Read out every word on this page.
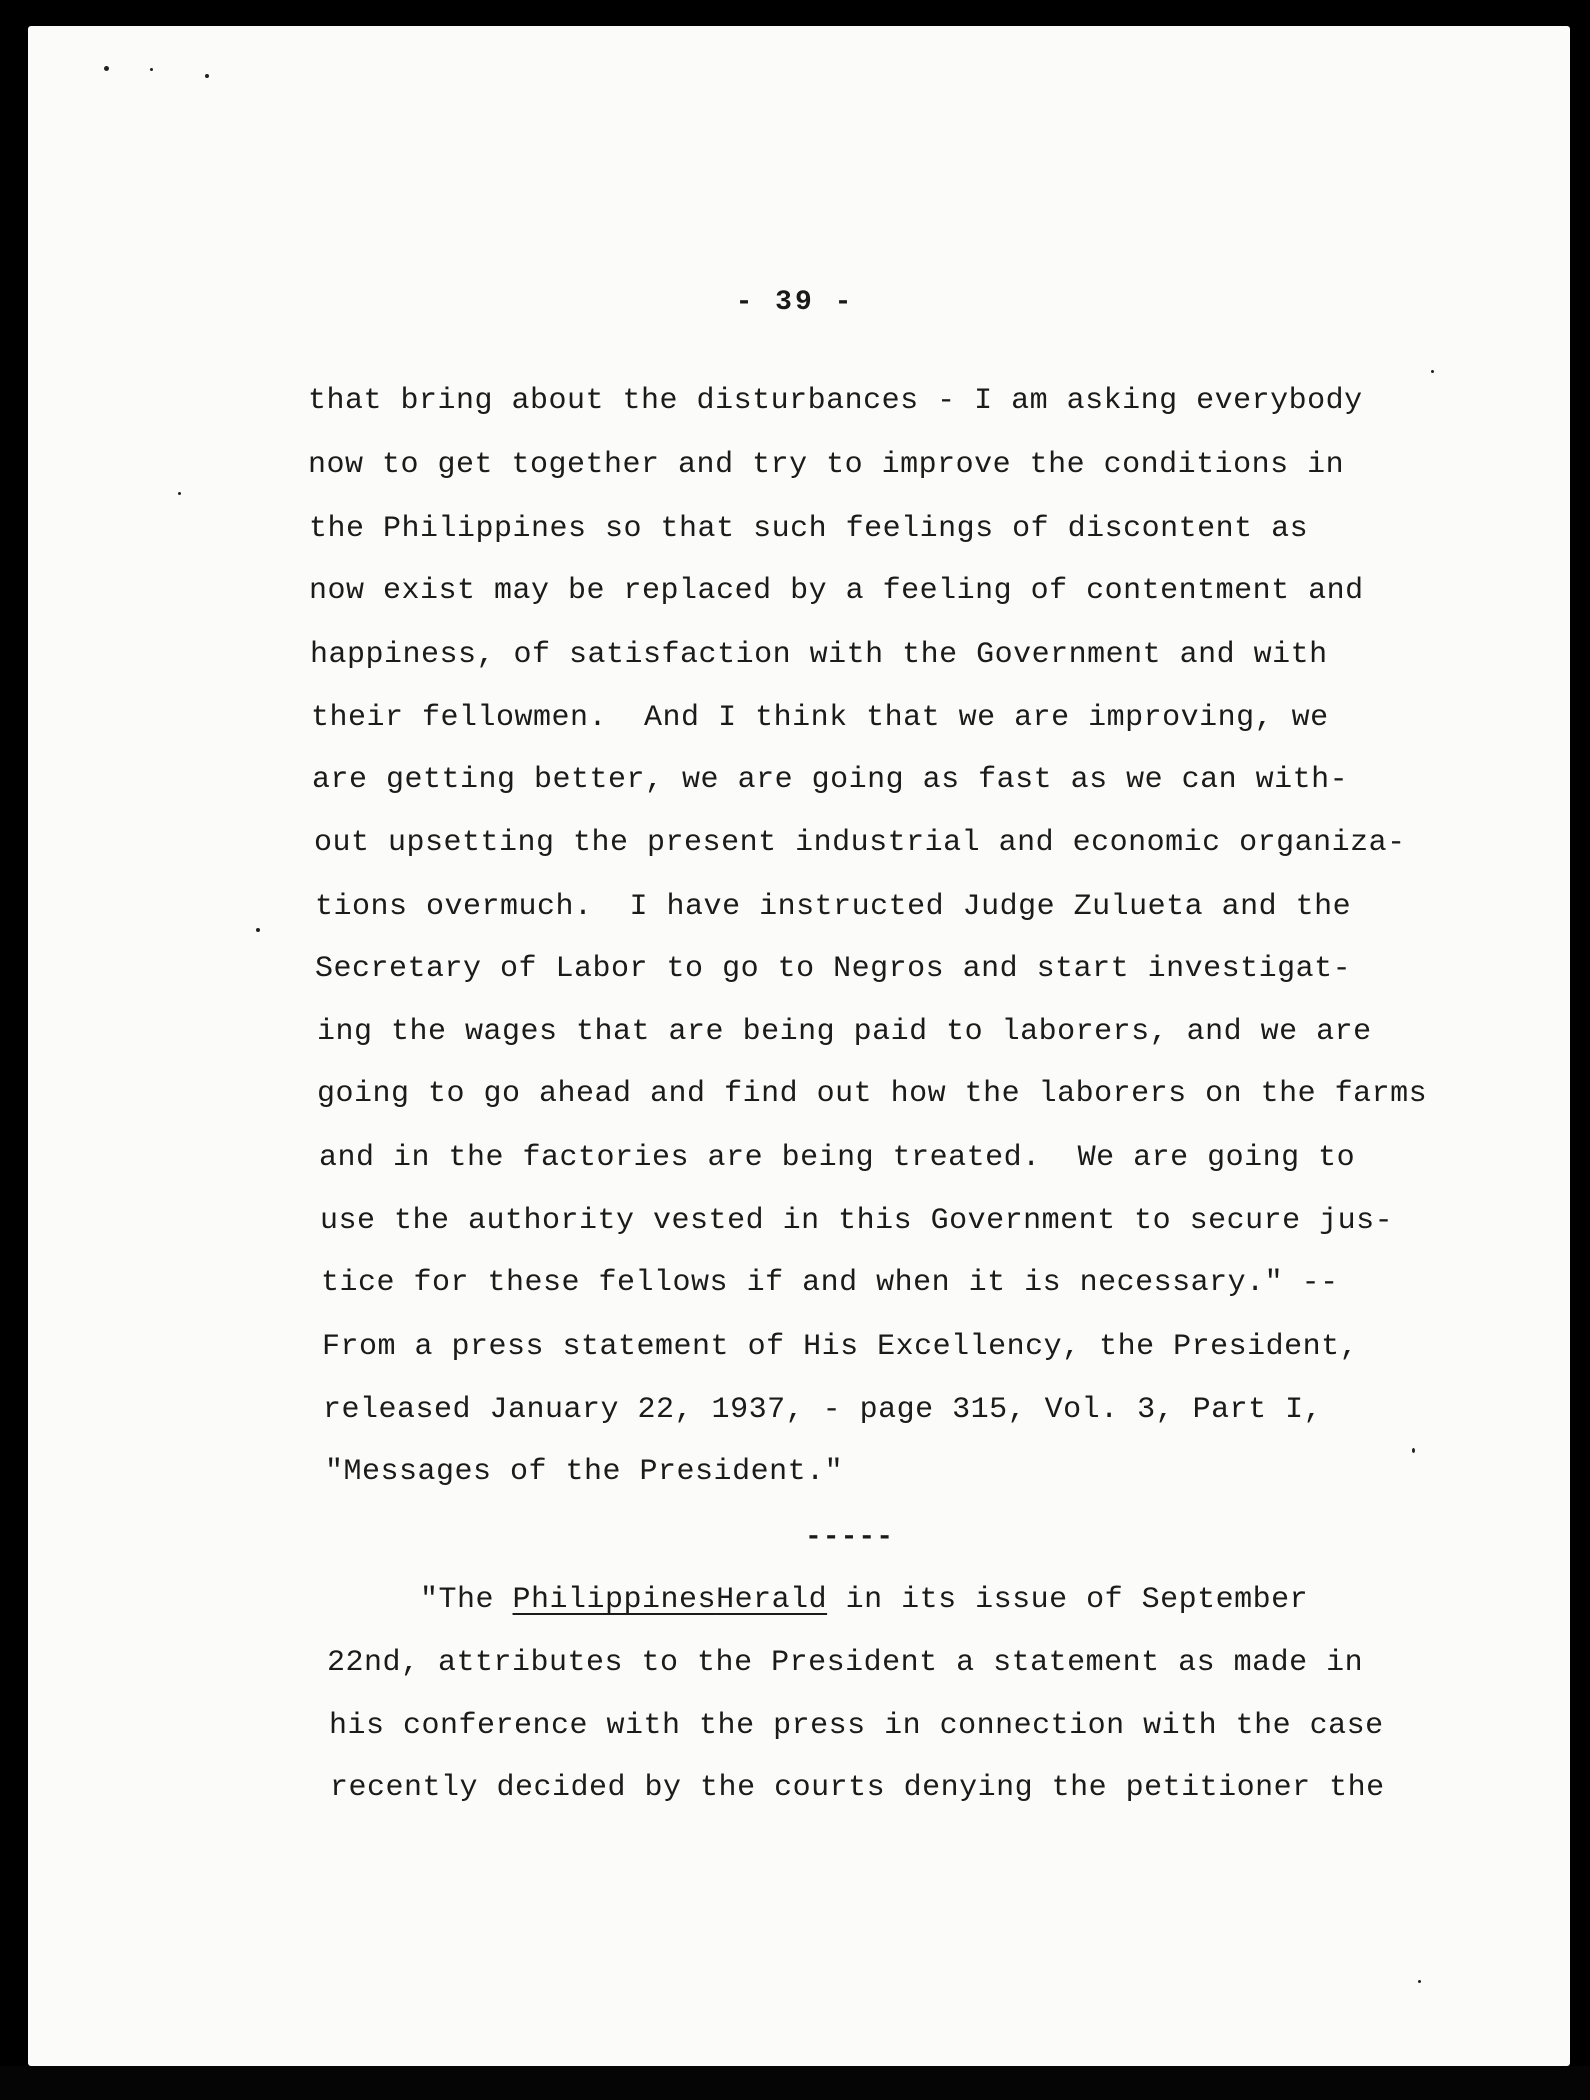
- 39 -
that bring about the disturbances - I am asking everybody
now to get together and try to improve the conditions in
the Philippines so that such feelings of discontent as
now exist may be replaced by a feeling of contentment and
happiness, of satisfaction with the Government and with
their fellowmen.  And I think that we are improving, we
are getting better, we are going as fast as we can with-
out upsetting the present industrial and economic organiza-
tions overmuch.  I have instructed Judge Zulueta and the
Secretary of Labor to go to Negros and start investigat-
ing the wages that are being paid to laborers, and we are
going to go ahead and find out how the laborers on the farms
and in the factories are being treated.  We are going to
use the authority vested in this Government to secure jus-
tice for these fellows if and when it is necessary." --
From a press statement of His Excellency, the President,
released January 22, 1937, - page 315, Vol. 3, Part I,
"Messages of the President."
-----
"The PhilippinesHerald in its issue of September
22nd, attributes to the President a statement as made in
his conference with the press in connection with the case
recently decided by the courts denying the petitioner the
